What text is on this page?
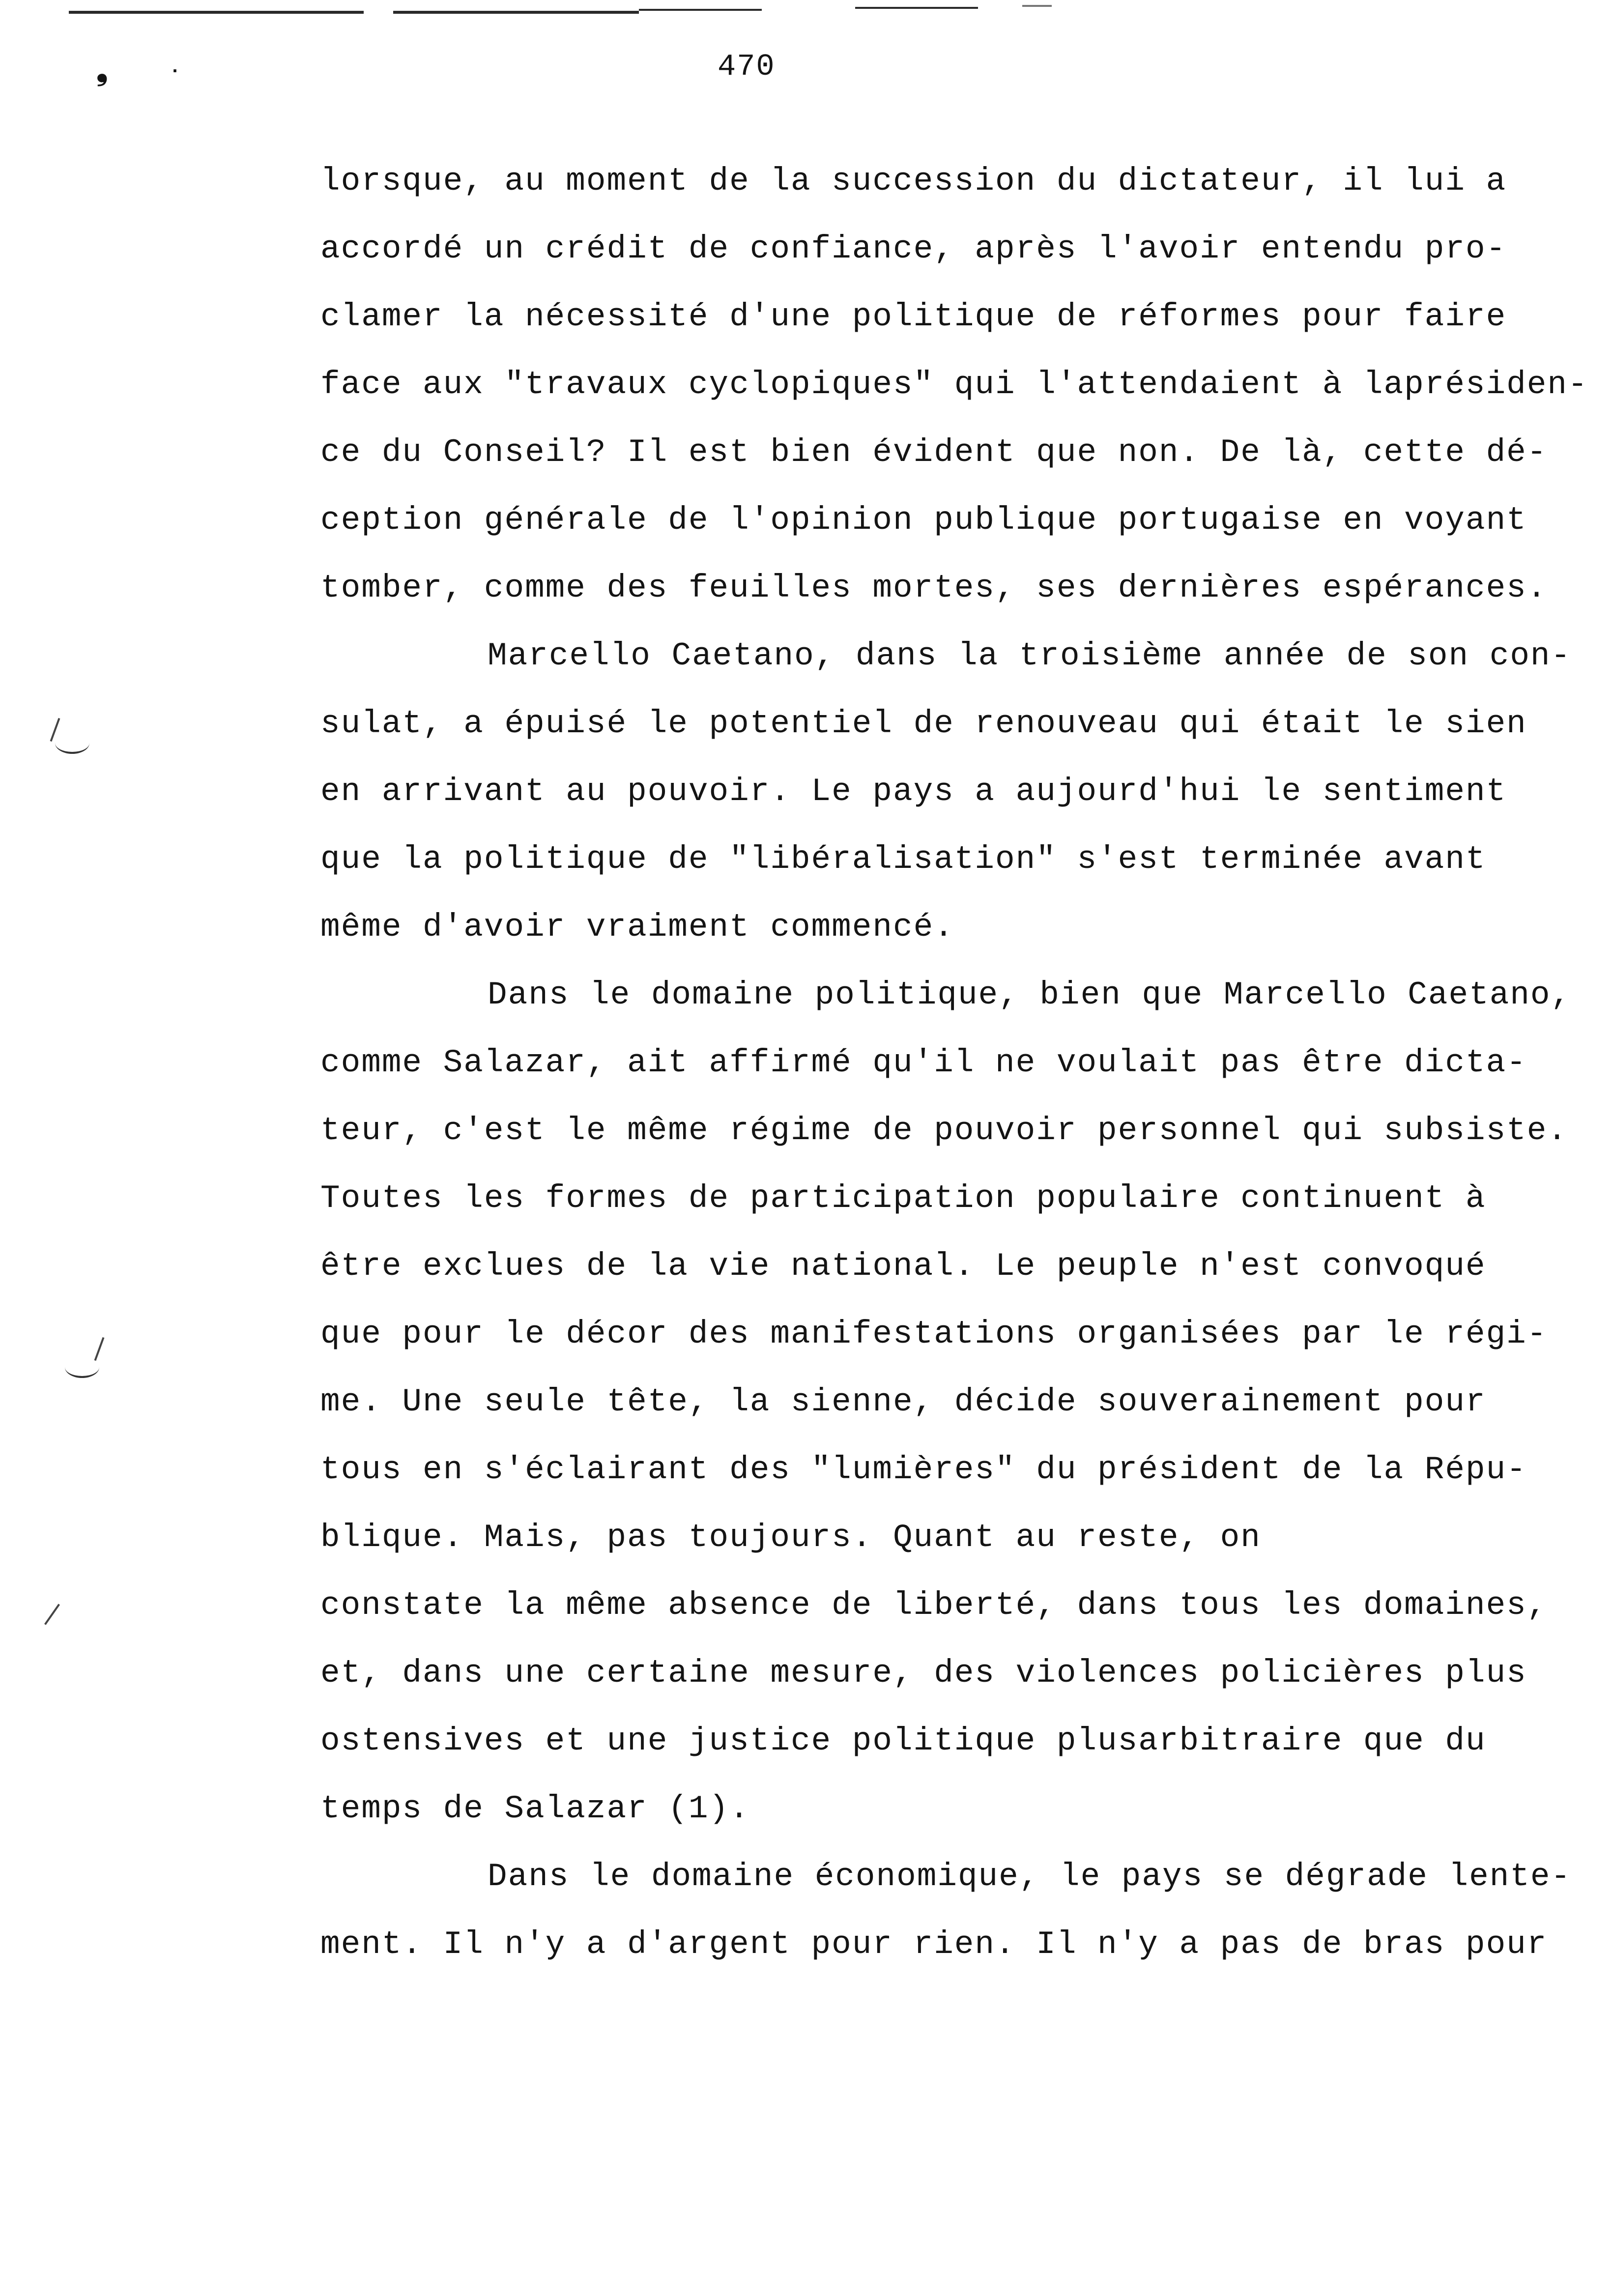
❟	·	470
lorsque, au moment de la succession du dictateur, il lui a
accordé un crédit de confiance, après l'avoir entendu pro-
clamer la nécessité d'une politique de réformes pour faire
face aux "travaux cyclopiques" qui l'attendaient à laprésiden-
ce du Conseil? Il est bien évident que non. De là, cette dé-
ception générale de l'opinion publique portugaise en voyant
tomber, comme des feuilles mortes, ses dernières espérances.
Marcello Caetano, dans la troisième année de son con-
sulat, a épuisé le potentiel de renouveau qui était le sien
en arrivant au pouvoir. Le pays a aujourd'hui le sentiment
que la politique de "libéralisation" s'est terminée avant
même d'avoir vraiment commencé.
Dans le domaine politique, bien que Marcello Caetano,
comme Salazar, ait affirmé qu'il ne voulait pas être dicta-
teur, c'est le même régime de pouvoir personnel qui subsiste.
Toutes les formes de participation populaire continuent à
être exclues de la vie national. Le peuple n'est convoqué
que pour le décor des manifestations organisées par le régi-
me. Une seule tête, la sienne, décide souverainement pour
tous en s'éclairant des "lumières" du président de la Répu-
blique. Mais, pas toujours. Quant au reste, on
constate la même absence de liberté, dans tous les domaines,
et, dans une certaine mesure, des violences policières plus
ostensives et une justice politique plusarbitraire que du
temps de Salazar (1).
Dans le domaine économique, le pays se dégrade lente-
ment. Il n'y a d'argent pour rien. Il n'y a pas de bras pour
